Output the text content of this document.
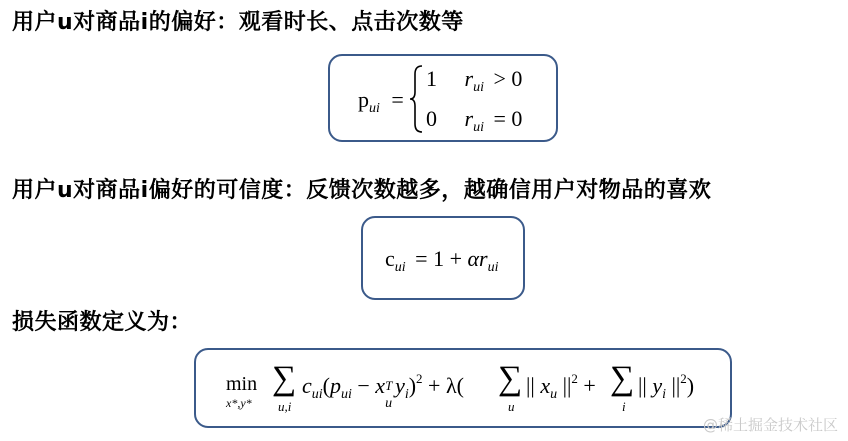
用户u对商品i的偏好：观看时长、点击次数等
$p_{ui}$ =
1 $r_{ui} > 0$
0 $r_{ui} = 0$
用户u对商品i偏好的可信度：反馈次数越多，越确信用户对物品的喜欢
$c_{ui} = 1 + \alpha r_{ui}$
损失函数定义为：
min
x*,y*
∑
u,i
$c_{ui}(p_{ui} - x$ T
u
$y_i)^2 + \lambda$( ∑
u
|| $x_u$ $||^2$ + ∑
i
|| $y_i$ $||^2$)
@稀土掘金技术社区
